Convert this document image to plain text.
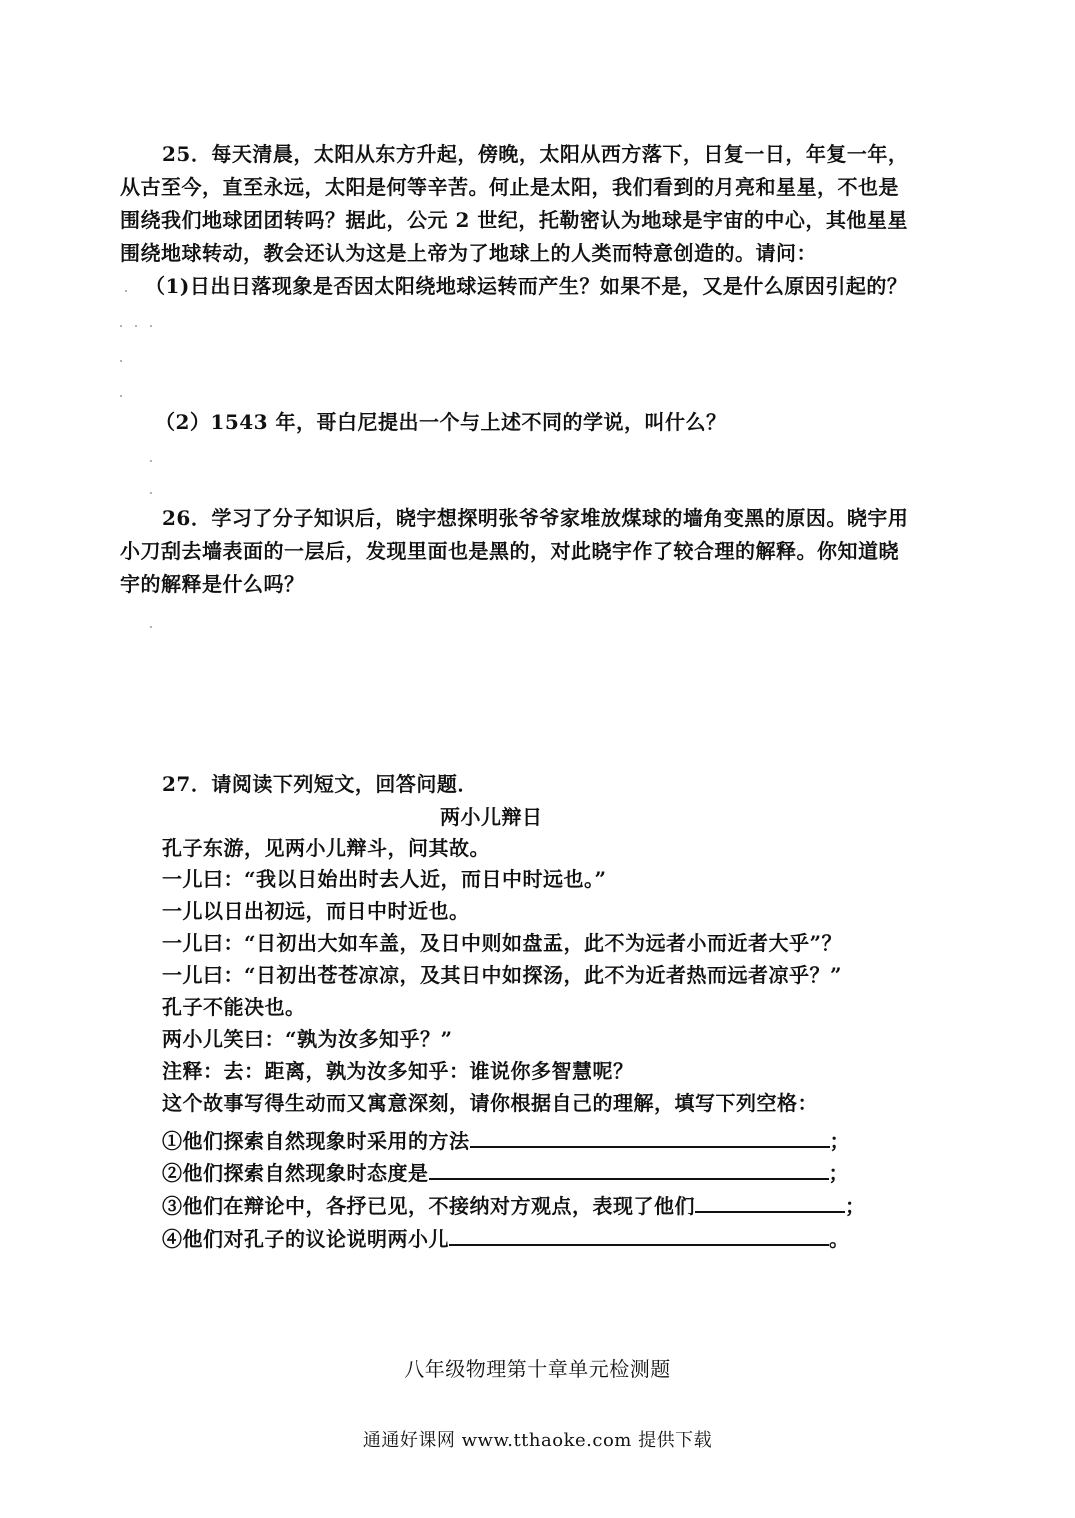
25．每天清晨，太阳从东方升起，傍晚，太阳从西方落下，日复一日，年复一年，
从古至今，直至永远，太阳是何等辛苦。何止是太阳，我们看到的月亮和星星，不也是
围绕我们地球团团转吗？据此，公元 2 世纪，托勒密认为地球是宇宙的中心，其他星星
围绕地球转动，教会还认为这是上帝为了地球上的人类而特意创造的。请问：
（1)日出日落现象是否因太阳绕地球运转而产生？如果不是，又是什么原因引起的？
（2）1543 年，哥白尼提出一个与上述不同的学说，叫什么？
26．学习了分子知识后，晓宇想探明张爷爷家堆放煤球的墙角变黑的原因。晓宇用
小刀刮去墙表面的一层后，发现里面也是黑的，对此晓宇作了较合理的解释。你知道晓
宇的解释是什么吗？
27．请阅读下列短文，回答问题．
两小儿辩日
孔子东游，见两小儿辩斗，问其故。
一儿曰：“我以日始出时去人近，而日中时远也。”
一儿以日出初远，而日中时近也。
一儿曰：“日初出大如车盖，及日中则如盘盂，此不为远者小而近者大乎”？
一儿曰：“日初出苍苍凉凉，及其日中如探汤，此不为近者热而远者凉乎？”
孔子不能决也。
两小儿笑曰：“孰为汝多知乎？”
注释：去：距离，孰为汝多知乎：谁说你多智慧呢？
这个故事写得生动而又寓意深刻，请你根据自己的理解，填写下列空格：
①他们探索自然现象时采用的方法	；
②他们探索自然现象时态度是	；
③他们在辩论中，各抒已见，不接纳对方观点，表现了他们	；
④他们对孔子的议论说明两小儿	。
八年级物理第十章单元检测题
通通好课网 www.tthaoke.com 提供下载
